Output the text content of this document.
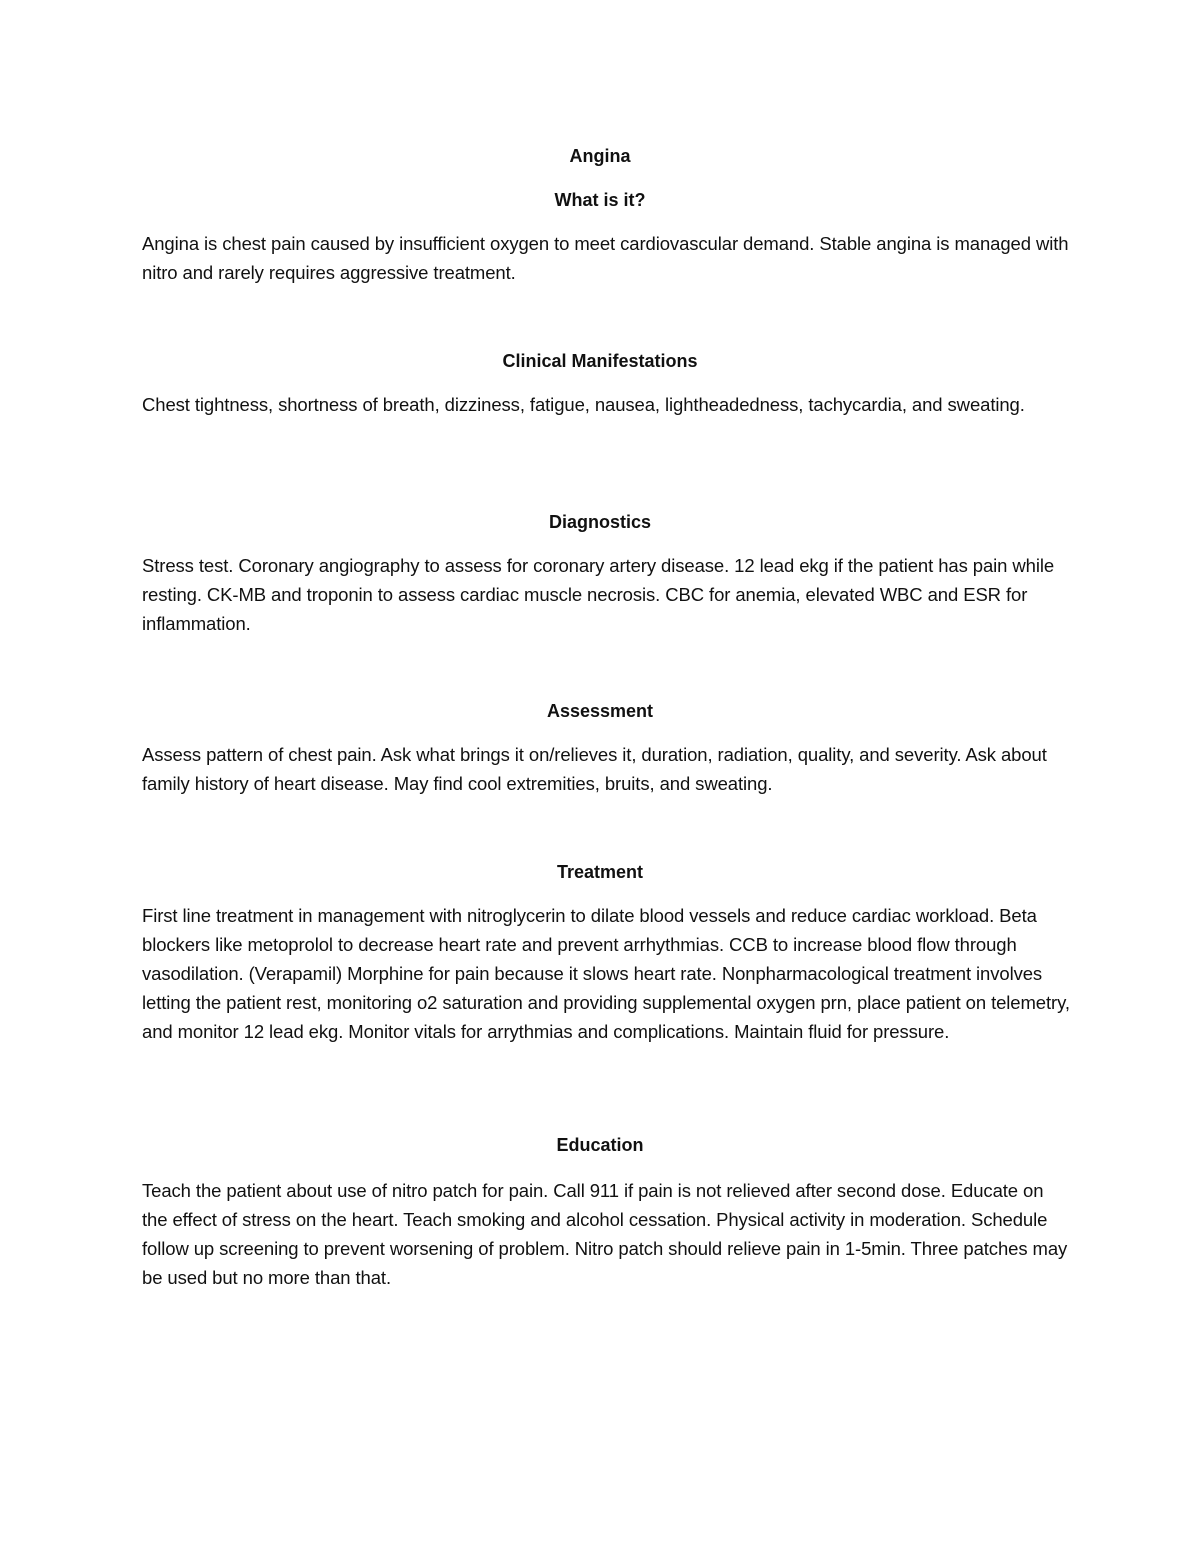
Angina
What is it?

Angina is chest pain caused by insufficient oxygen to meet cardiovascular demand. Stable angina is managed with nitro and rarely requires aggressive treatment.

Clinical Manifestations

Chest tightness, shortness of breath, dizziness, fatigue, nausea, lightheadedness, tachycardia, and sweating.

Diagnostics

Stress test. Coronary angiography to assess for coronary artery disease. 12 lead ekg if the patient has pain while resting. CK-MB and troponin to assess cardiac muscle necrosis. CBC for anemia, elevated WBC and ESR for inflammation.

Assessment

Assess pattern of chest pain. Ask what brings it on/relieves it, duration, radiation, quality, and severity. Ask about family history of heart disease. May find cool extremities, bruits, and sweating.

Treatment

First line treatment in management with nitroglycerin to dilate blood vessels and reduce cardiac workload. Beta blockers like metoprolol to decrease heart rate and prevent arrhythmias. CCB to increase blood flow through vasodilation. (Verapamil) Morphine for pain because it slows heart rate. Nonpharmacological treatment involves letting the patient rest, monitoring o2 saturation and providing supplemental oxygen prn, place patient on telemetry, and monitor 12 lead ekg. Monitor vitals for arrythmias and complications. Maintain fluid for pressure.

Education

Teach the patient about use of nitro patch for pain. Call 911 if pain is not relieved after second dose. Educate on the effect of stress on the heart. Teach smoking and alcohol cessation. Physical activity in moderation. Schedule follow up screening to prevent worsening of problem. Nitro patch should relieve pain in 1-5min. Three patches may be used but no more than that.
